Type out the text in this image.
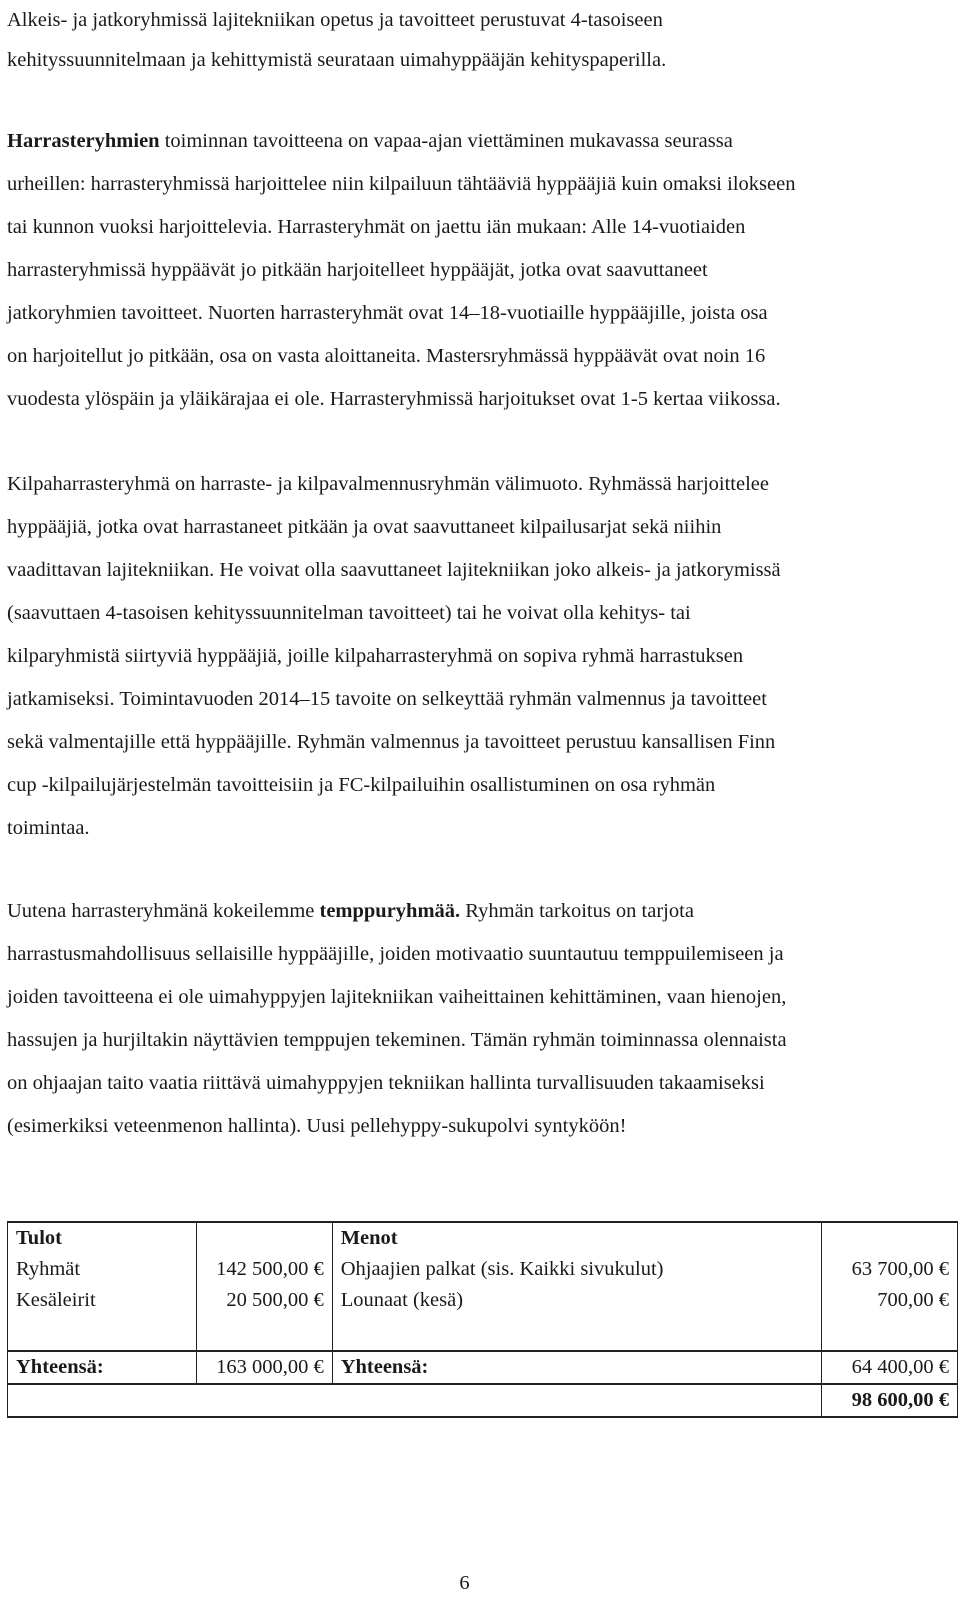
Alkeis- ja jatkoryhmissä lajitekniikan opetus ja tavoitteet perustuvat 4-tasoiseen
kehityssuunnitelmaan ja kehittymistä seurataan uimahyppääjän kehityspaperilla.

Harrasteryhmien toiminnan tavoitteena on vapaa-ajan viettäminen mukavassa seurassa
urheillen: harrasteryhmissä harjoittelee niin kilpailuun tähtääviä hyppääjiä kuin omaksi ilokseen
tai kunnon vuoksi harjoittelevia. Harrasteryhmät on jaettu iän mukaan: Alle 14-vuotiaiden
harrasteryhmissä hyppäävät jo pitkään harjoitelleet hyppääjät, jotka ovat saavuttaneet
jatkoryhmien tavoitteet. Nuorten harrasteryhmät ovat 14–18-vuotiaille hyppääjille, joista osa
on harjoitellut jo pitkään, osa on vasta aloittaneita. Mastersryhmässä hyppäävät ovat noin 16
vuodesta ylöspäin ja yläikärajaa ei ole. Harrasteryhmissä harjoitukset ovat 1-5 kertaa viikossa.

Kilpaharrasteryhmä on harraste- ja kilpavalmennusryhmän välimuoto. Ryhmässä harjoittelee
hyppääjiä, jotka ovat harrastaneet pitkään ja ovat saavuttaneet kilpailusarjat sekä niihin
vaadittavan lajitekniikan. He voivat olla saavuttaneet lajitekniikan joko alkeis- ja jatkorymissä
(saavuttaen 4-tasoisen kehityssuunnitelman tavoitteet) tai he voivat olla kehitys- tai
kilparyhmistä siirtyviä hyppääjiä, joille kilpaharrasteryhmä on sopiva ryhmä harrastuksen
jatkamiseksi. Toimintavuoden 2014–15 tavoite on selkeyttää ryhmän valmennus ja tavoitteet
sekä valmentajille että hyppääjille. Ryhmän valmennus ja tavoitteet perustuu kansallisen Finn
cup -kilpailujärjestelmän tavoitteisiin ja FC-kilpailuihin osallistuminen on osa ryhmän
toimintaa.

Uutena harrasteryhmänä kokeilemme temppuryhmää. Ryhmän tarkoitus on tarjota
harrastusmahdollisuus sellaisille hyppääjille, joiden motivaatio suuntautuu temppuilemiseen ja
joiden tavoitteena ei ole uimahyppyjen lajitekniikan vaiheittainen kehittäminen, vaan hienojen,
hassujen ja hurjiltakin näyttävien temppujen tekeminen. Tämän ryhmän toiminnassa olennaista
on ohjaajan taito vaatia riittävä uimahyppyjen tekniikan hallinta turvallisuuden takaamiseksi
(esimerkiksi veteenmenon hallinta). Uusi pellehyppy-sukupolvi syntyköön!

Tulot		Menot	
Ryhmät	142 500,00 €	Ohjaajien palkat (sis. Kaikki sivukulut)	63 700,00 €
Kesäleirit	20 500,00 €	Lounaat (kesä)	700,00 €

Yhteensä:	163 000,00 €	Yhteensä:	64 400,00 €
			98 600,00 €
6
